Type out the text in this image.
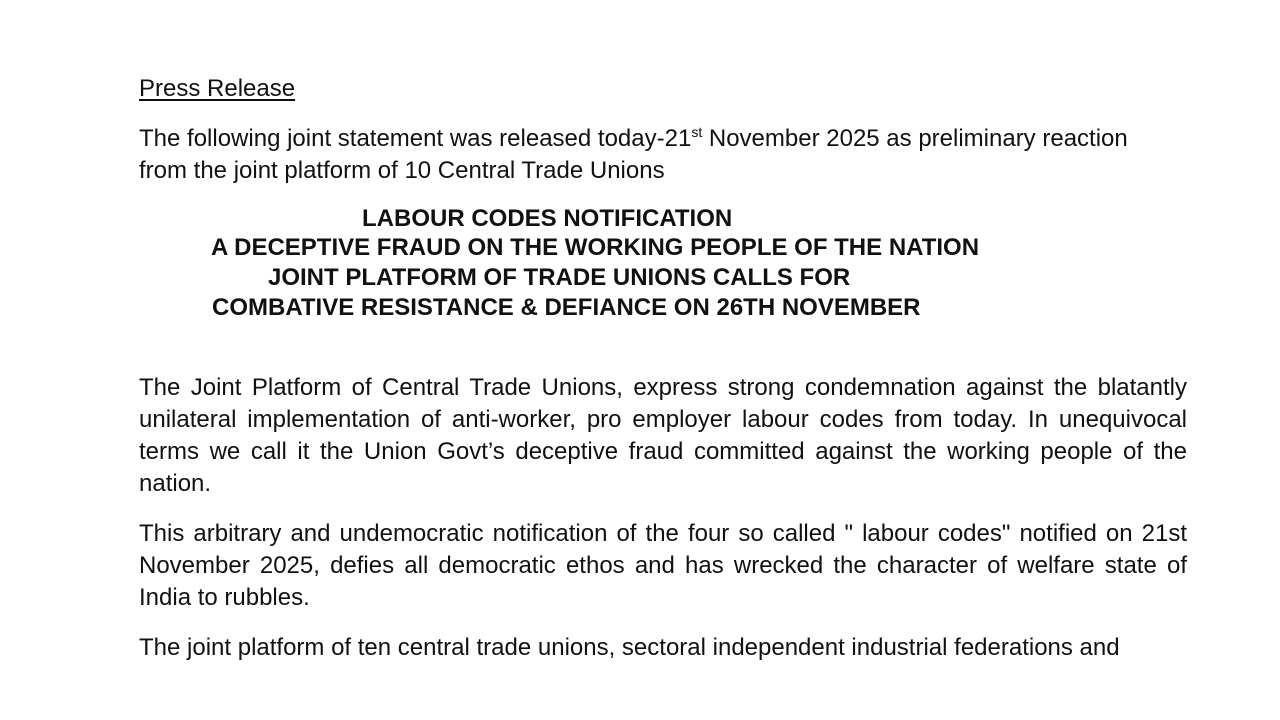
Press Release
The following joint statement was released today-21st November 2025 as preliminary reaction
from the joint platform of 10 Central Trade Unions
LABOUR CODES NOTIFICATION
A DECEPTIVE FRAUD ON THE WORKING PEOPLE OF THE NATION
JOINT PLATFORM OF TRADE UNIONS CALLS FOR
COMBATIVE RESISTANCE & DEFIANCE ON 26TH NOVEMBER

The Joint Platform of Central Trade Unions, express strong condemnation against the blatantly unilateral implementation of anti-worker, pro employer labour codes from today. In unequivocal terms we call it the Union Govt’s deceptive fraud committed against the working people of the nation.

This arbitrary and undemocratic notification of the four so called " labour codes" notified on 21st November 2025, defies all democratic ethos and has wrecked the character of welfare state of India to rubbles.

The joint platform of ten central trade unions, sectoral independent industrial federations and
